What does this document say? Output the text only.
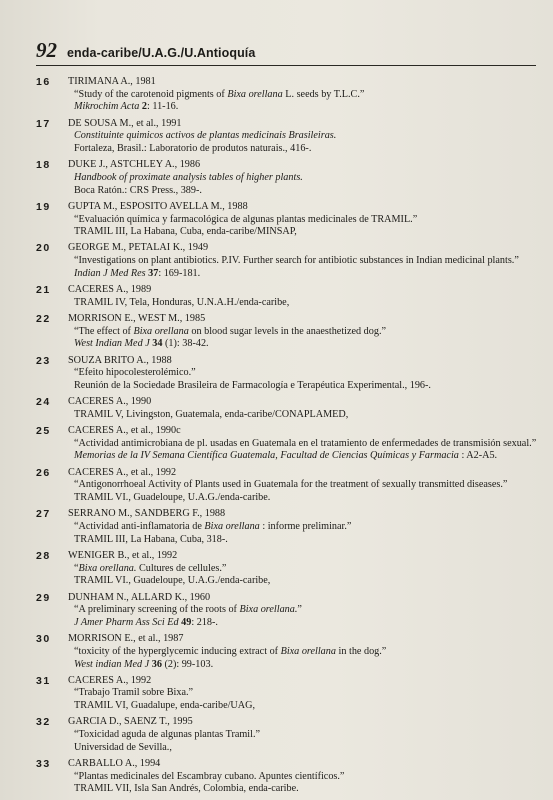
92 enda-caribe/U.A.G./U.Antioquía
16	TIRIMANA A., 1981
“Study of the carotenoid pigments of Bixa orellana L. seeds by T.L.C.”
Mikrochim Acta 2: 11-16.
17	DE SOUSA M., et al., 1991
Constituinte quimicos activos de plantas medicinais Brasileiras.
Fortaleza, Brasil.: Laboratorio de produtos naturais., 416-.
18	DUKE J., ASTCHLEY A., 1986
Handbook of proximate analysis tables of higher plants.
Boca Ratón.: CRS Press., 389-.
19	GUPTA M., ESPOSITO AVELLA M., 1988
“Evaluación química y farmacológica de algunas plantas medicinales de TRAMIL.”
TRAMIL III, La Habana, Cuba, enda-caribe/MINSAP,
20	GEORGE M., PETALAI K., 1949
“Investigations on plant antibiotics. P.IV. Further search for antibiotic substances in Indian medicinal plants.”
Indian J Med Res 37: 169-181.
21	CACERES A., 1989
TRAMIL IV, Tela, Honduras, U.N.A.H./enda-caribe,
22	MORRISON E., WEST M., 1985
“The effect of Bixa orellana on blood sugar levels in the anaesthetized dog.”
West Indian Med J 34 (1): 38-42.
23	SOUZA BRITO A., 1988
“Efeito hipocolesterolémico.”
Reunión de la Sociedade Brasileira de Farmacología e Terapéutica Experimental., 196-.
24	CACERES A., 1990
TRAMIL V, Livingston, Guatemala, enda-caribe/CONAPLAMED,
25	CACERES A., et al., 1990c
“Actividad antimicrobiana de pl. usadas en Guatemala en el tratamiento de enfermedades de transmisión sexual.”
Memorias de la IV Semana Científica Guatemala, Facultad de Ciencias Químicas y Farmacia : A2-A5.
26	CACERES A., et al., 1992
“Antigonorrhoeal Activity of Plants used in Guatemala for the treatment of sexually transmitted diseases.”
TRAMIL VI., Guadeloupe, U.A.G./enda-caribe.
27	SERRANO M., SANDBERG F., 1988
“Actividad anti-inflamatoria de Bixa orellana : informe preliminar.”
TRAMIL III, La Habana, Cuba, 318-.
28	WENIGER B., et al., 1992
“Bixa orellana. Cultures de cellules.”
TRAMIL VI., Guadeloupe, U.A.G./enda-caribe,
29	DUNHAM N., ALLARD K., 1960
“A preliminary screening of the roots of Bixa orellana.”
J Amer Pharm Ass Sci Ed 49: 218-.
30	MORRISON E., et al., 1987
“toxicity of the hyperglycemic inducing extract of Bixa orellana in the dog.”
West indian Med J 36 (2): 99-103.
31	CACERES A., 1992
“Trabajo Tramil sobre Bixa.”
TRAMIL VI, Guadalupe, enda-caribe/UAG,
32	GARCIA D., SAENZ T., 1995
“Toxicidad aguda de algunas plantas Tramil.”
Universidad de Sevilla.,
33	CARBALLO A., 1994
“Plantas medicinales del Escambray cubano. Apuntes científicos.”
TRAMIL VII, Isla San Andrés, Colombia, enda-caribe.
